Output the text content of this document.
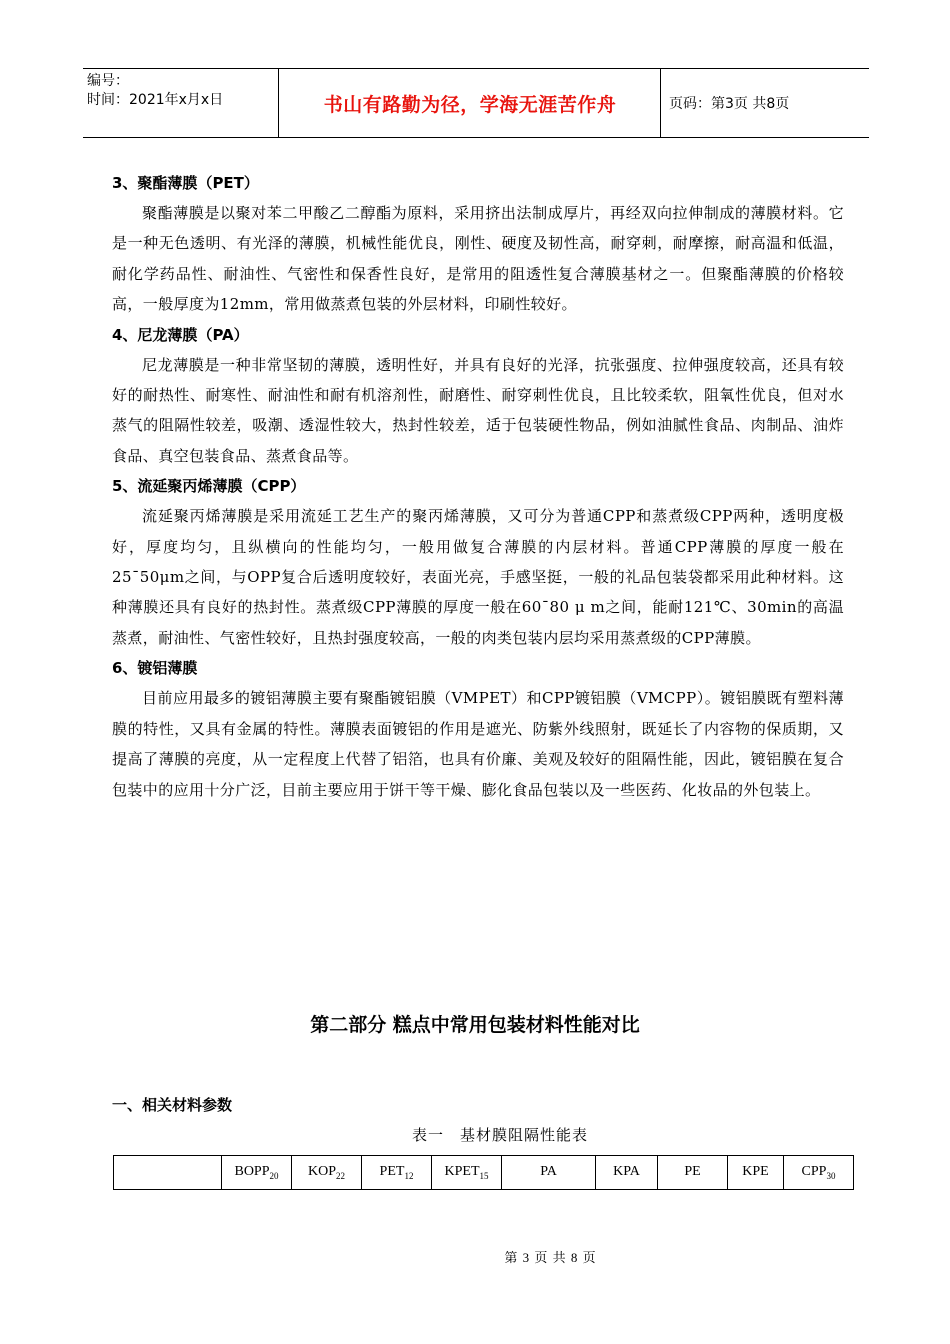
编号：
时间：2021年x月x日	书山有路勤为径，学海无涯苦作舟	页码：第3页 共8页

3、聚酯薄膜（PET）

聚酯薄膜是以聚对苯二甲酸乙二醇酯为原料，采用挤出法制成厚片，再经双向拉伸制成的薄膜材料。它是一种无色透明、有光泽的薄膜，机械性能优良，刚性、硬度及韧性高，耐穿刺，耐摩擦，耐高温和低温，耐化学药品性、耐油性、气密性和保香性良好，是常用的阻透性复合薄膜基材之一。但聚酯薄膜的价格较高，一般厚度为12mm，常用做蒸煮包装的外层材料，印刷性较好。

4、尼龙薄膜（PA）

尼龙薄膜是一种非常坚韧的薄膜，透明性好，并具有良好的光泽，抗张强度、拉伸强度较高，还具有较好的耐热性、耐寒性、耐油性和耐有机溶剂性，耐磨性、耐穿刺性优良，且比较柔软，阻氧性优良，但对水蒸气的阻隔性较差，吸潮、透湿性较大，热封性较差，适于包装硬性物品，例如油腻性食品、肉制品、油炸食品、真空包装食品、蒸煮食品等。

5、流延聚丙烯薄膜（CPP）

流延聚丙烯薄膜是采用流延工艺生产的聚丙烯薄膜，又可分为普通CPP和蒸煮级CPP两种，透明度极好，厚度均匀，且纵横向的性能均匀，一般用做复合薄膜的内层材料。普通CPP薄膜的厚度一般在25¯50μm之间，与OPP复合后透明度较好，表面光亮，手感坚挺，一般的礼品包装袋都采用此种材料。这种薄膜还具有良好的热封性。蒸煮级CPP薄膜的厚度一般在60¯80 μ m之间，能耐121℃、30min的高温蒸煮，耐油性、气密性较好，且热封强度较高，一般的肉类包装内层均采用蒸煮级的CPP薄膜。

6、镀铝薄膜

目前应用最多的镀铝薄膜主要有聚酯镀铝膜（VMPET）和CPP镀铝膜（VMCPP）。镀铝膜既有塑料薄膜的特性，又具有金属的特性。薄膜表面镀铝的作用是遮光、防紫外线照射，既延长了内容物的保质期，又提高了薄膜的亮度，从一定程度上代替了铝箔，也具有价廉、美观及较好的阻隔性能，因此，镀铝膜在复合包装中的应用十分广泛，目前主要应用于饼干等干燥、膨化食品包装以及一些医药、化妆品的外包装上。

第二部分 糕点中常用包装材料性能对比
一、相关材料参数
表一　基材膜阻隔性能表
	$BOPP_{20}$	$KOP_{22}$	$PET_{12}$	$KPET_{15}$	PA	KPA	PE	KPE	$CPP_{30}$
第 3 页 共 8 页
